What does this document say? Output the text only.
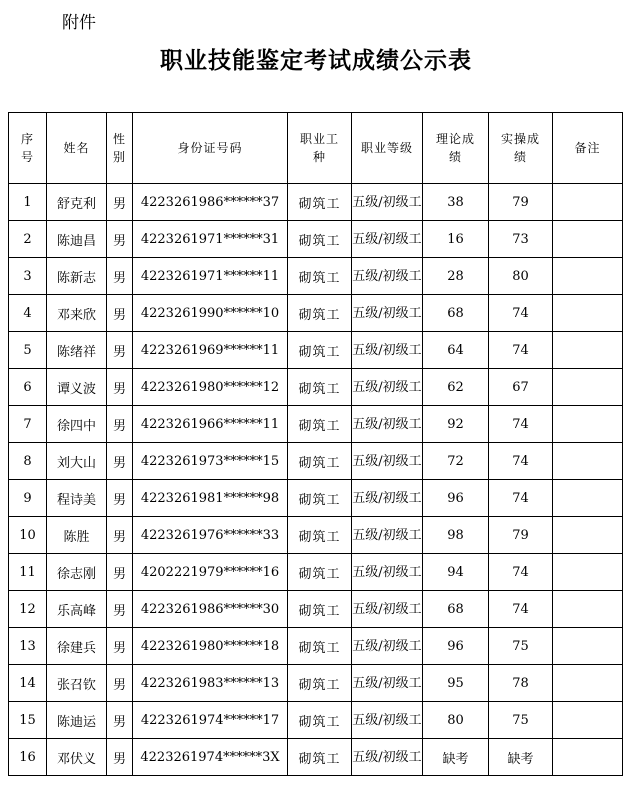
附件
职业技能鉴定考试成绩公示表
序号	姓名	性别	身份证号码	职业工种	职业等级	理论成绩	实操成绩	备注
1	舒克利	男	4223261986******37	砌筑工	五级/初级工	38	79	
2	陈迪昌	男	4223261971******31	砌筑工	五级/初级工	16	73	
3	陈新志	男	4223261971******11	砌筑工	五级/初级工	28	80	
4	邓来欣	男	4223261990******10	砌筑工	五级/初级工	68	74	
5	陈绪祥	男	4223261969******11	砌筑工	五级/初级工	64	74	
6	谭义波	男	4223261980******12	砌筑工	五级/初级工	62	67	
7	徐四中	男	4223261966******11	砌筑工	五级/初级工	92	74	
8	刘大山	男	4223261973******15	砌筑工	五级/初级工	72	74	
9	程诗美	男	4223261981******98	砌筑工	五级/初级工	96	74	
10	陈胜	男	4223261976******33	砌筑工	五级/初级工	98	79	
11	徐志刚	男	4202221979******16	砌筑工	五级/初级工	94	74	
12	乐高峰	男	4223261986******30	砌筑工	五级/初级工	68	74	
13	徐建兵	男	4223261980******18	砌筑工	五级/初级工	96	75	
14	张召钦	男	4223261983******13	砌筑工	五级/初级工	95	78	
15	陈迪运	男	4223261974******17	砌筑工	五级/初级工	80	75	
16	邓伏义	男	4223261974******3X	砌筑工	五级/初级工	缺考	缺考	
